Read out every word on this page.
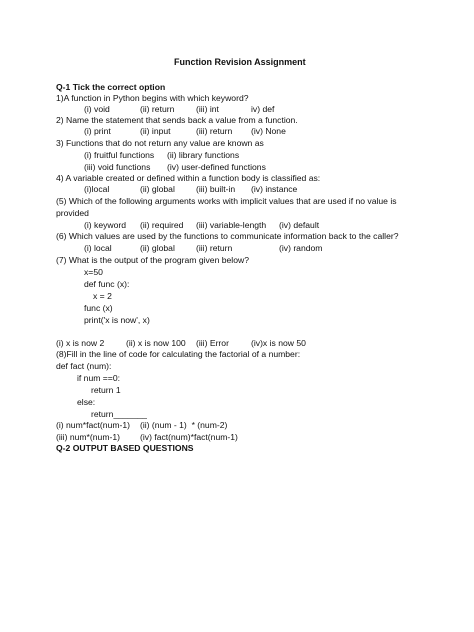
Function Revision Assignment
Q-1 Tick the correct option
1)A function in Python begins with which keyword?
(i) void	(ii) return	(iii) int	iv) def
2) Name the statement that sends back a value from a function.
(i) print	(ii) input	(iii) return (iv) None
3) Functions that do not return any value are known as
(i) fruitful functions (ii) library functions
(iii) void functions (iv) user-defined functions
4) A variable created or defined within a function body is classified as:
(i)local	(ii) global (iii) built-in (iv) instance
(5) Which of the following arguments works with implicit values that are used if no value is
provided
(i) keyword (ii) required (iii) variable-length (iv) default
(6) Which values are used by the functions to communicate information back to the caller?
(i) local	(ii) global (iii) return	(iv) random
(7) What is the output of the program given below?
x=50
def func (x):
x = 2
func (x)
print('x is now', x)
(i) x is now 2	(ii) x is now 100 (iii) Error	(iv)x is now 50
(8)Fill in the line of code for calculating the factorial of a number:
def fact (num):
if num ==0:
return 1
else:
return_______
(i) num*fact(num-1) (ii) (num - 1)  * (num-2)
(iii) num*(num-1) (iv) fact(num)*fact(num-1)
Q-2 OUTPUT BASED QUESTIONS
